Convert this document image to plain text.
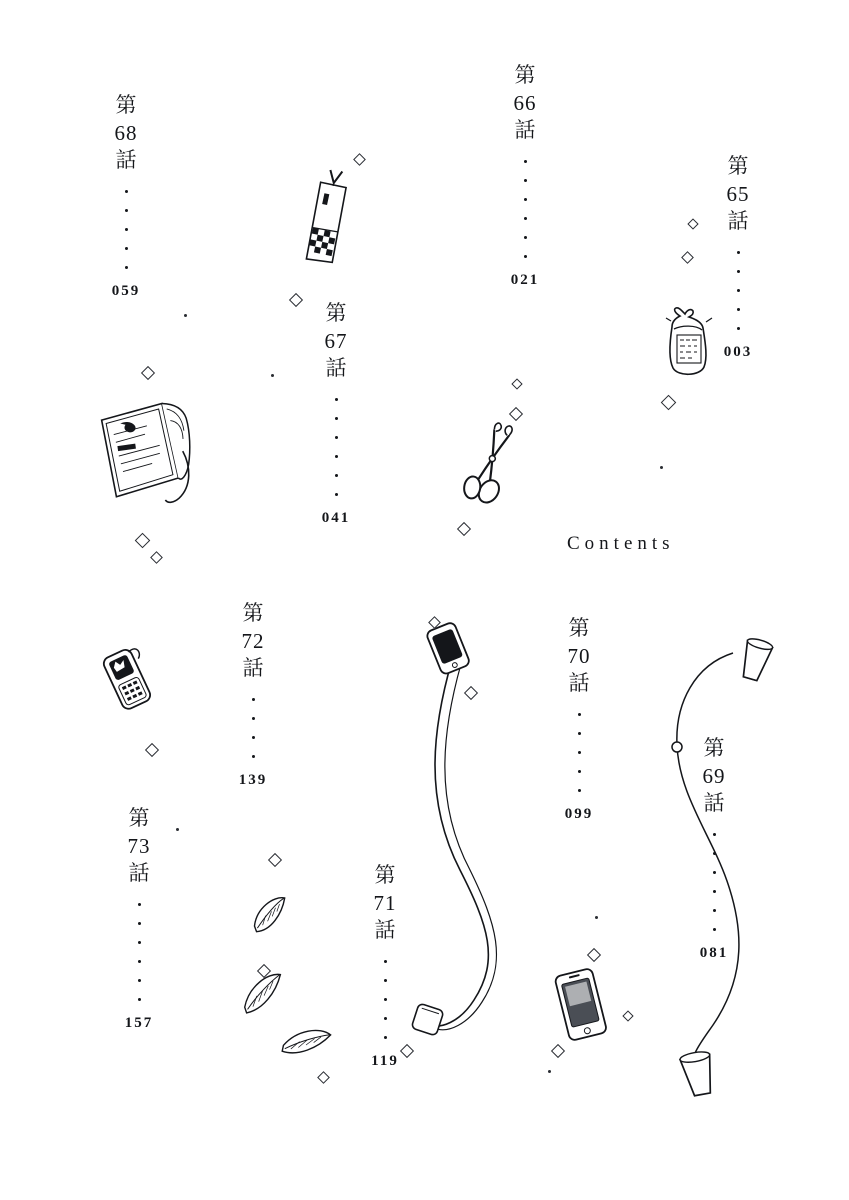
第
68
話
059
第
66
話
021
第
65
話
003
第
67
話
041
Contents
第
72
話
139
第
70
話
099
第
69
話
081
第
73
話
157
第
71
話
119
